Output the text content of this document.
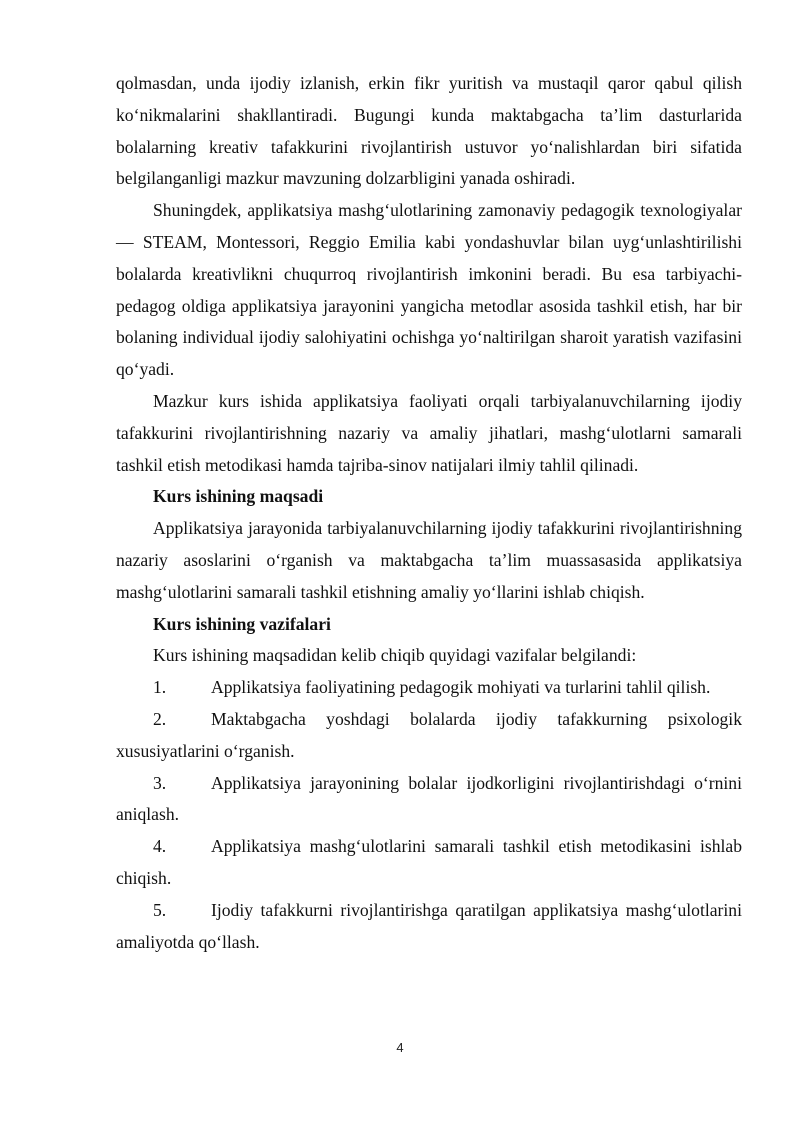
qolmasdan, unda ijodiy izlanish, erkin fikr yuritish va mustaqil qaror qabul qilish ko‘nikmalarini shakllantiradi. Bugungi kunda maktabgacha ta’lim dasturlarida bolalarning kreativ tafakkurini rivojlantirish ustuvor yo‘nalishlardan biri sifatida belgilanganligi mazkur mavzuning dolzarbligini yanada oshiradi.

Shuningdek, applikatsiya mashg‘ulotlarining zamonaviy pedagogik texnologiyalar — STEAM, Montessori, Reggio Emilia kabi yondashuvlar bilan uyg‘unlashtirilishi bolalarda kreativlikni chuqurroq rivojlantirish imkonini beradi. Bu esa tarbiyachi-pedagog oldiga applikatsiya jarayonini yangicha metodlar asosida tashkil etish, har bir bolaning individual ijodiy salohiyatini ochishga yo‘naltirilgan sharoit yaratish vazifasini qo‘yadi.

Mazkur kurs ishida applikatsiya faoliyati orqali tarbiyalanuvchilarning ijodiy tafakkurini rivojlantirishning nazariy va amaliy jihatlari, mashg‘ulotlarni samarali tashkil etish metodikasi hamda tajriba-sinov natijalari ilmiy tahlil qilinadi.

Kurs ishining maqsadi

Applikatsiya jarayonida tarbiyalanuvchilarning ijodiy tafakkurini rivojlantirishning nazariy asoslarini o‘rganish va maktabgacha ta’lim muassasasida applikatsiya mashg‘ulotlarini samarali tashkil etishning amaliy yo‘llarini ishlab chiqish.

Kurs ishining vazifalari

Kurs ishining maqsadidan kelib chiqib quyidagi vazifalar belgilandi:

1.	Applikatsiya faoliyatining pedagogik mohiyati va turlarini tahlil qilish.

2.	Maktabgacha yoshdagi bolalarda ijodiy tafakkurning psixologik xususiyatlarini o‘rganish.

3.	Applikatsiya jarayonining bolalar ijodkorligini rivojlantirishdagi o‘rnini aniqlash.

4.	Applikatsiya mashg‘ulotlarini samarali tashkil etish metodikasini ishlab chiqish.

5.	Ijodiy tafakkurni rivojlantirishga qaratilgan applikatsiya mashg‘ulotlarini amaliyotda qo‘llash.

4
